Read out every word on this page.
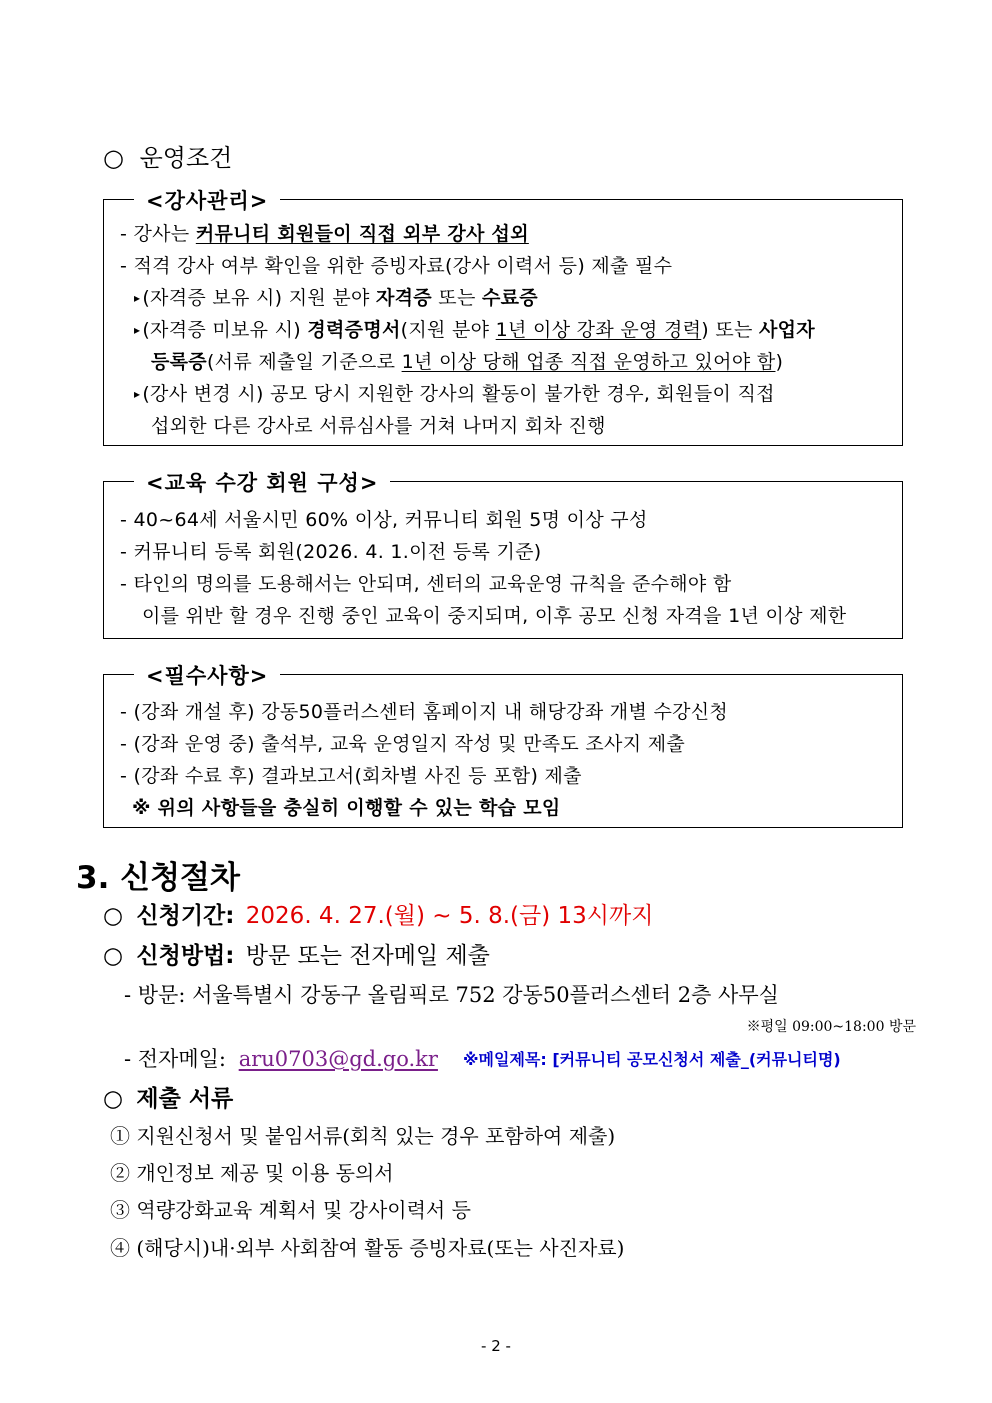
○ 운영조건
<강사관리>
- 강사는 커뮤니티 회원들이 직접 외부 강사 섭외
- 적격 강사 여부 확인을 위한 증빙자료(강사 이력서 등) 제출 필수
▸ (자격증 보유 시) 지원 분야 자격증 또는 수료증
▸ (자격증 미보유 시) 경력증명서(지원 분야 1년 이상 강좌 운영 경력) 또는 사업자
등록증(서류 제출일 기준으로 1년 이상 당해 업종 직접 운영하고 있어야 함)
▸ (강사 변경 시) 공모 당시 지원한 강사의 활동이 불가한 경우, 회원들이 직접
섭외한 다른 강사로 서류심사를 거쳐 나머지 회차 진행
<교육 수강 회원 구성>
- 40~64세 서울시민 60% 이상, 커뮤니티 회원 5명 이상 구성
- 커뮤니티 등록 회원(2026. 4. 1.이전 등록 기준)
- 타인의 명의를 도용해서는 안되며, 센터의 교육운영 규칙을 준수해야 함
이를 위반 할 경우 진행 중인 교육이 중지되며, 이후 공모 신청 자격을 1년 이상 제한
<필수사항>
- (강좌 개설 후) 강동50플러스센터 홈페이지 내 해당강좌 개별 수강신청
- (강좌 운영 중) 출석부, 교육 운영일지 작성 및 만족도 조사지 제출
- (강좌 수료 후) 결과보고서(회차별 사진 등 포함) 제출
※ 위의 사항들을 충실히 이행할 수 있는 학습 모임
3. 신청절차
○ 신청기간: 2026. 4. 27.(월) ~ 5. 8.(금) 13시까지
○ 신청방법: 방문 또는 전자메일 제출
- 방문: 서울특별시 강동구 올림픽로 752 강동50플러스센터 2층 사무실
※평일 09:00~18:00 방문
- 전자메일: aru0703@gd.go.kr ※메일제목: [커뮤니티 공모신청서 제출_(커뮤니티명)
○ 제출 서류
① 지원신청서 및 붙임서류(회칙 있는 경우 포함하여 제출)
② 개인정보 제공 및 이용 동의서
③ 역량강화교육 계획서 및 강사이력서 등
④ (해당시)내·외부 사회참여 활동 증빙자료(또는 사진자료)
- 2 -
